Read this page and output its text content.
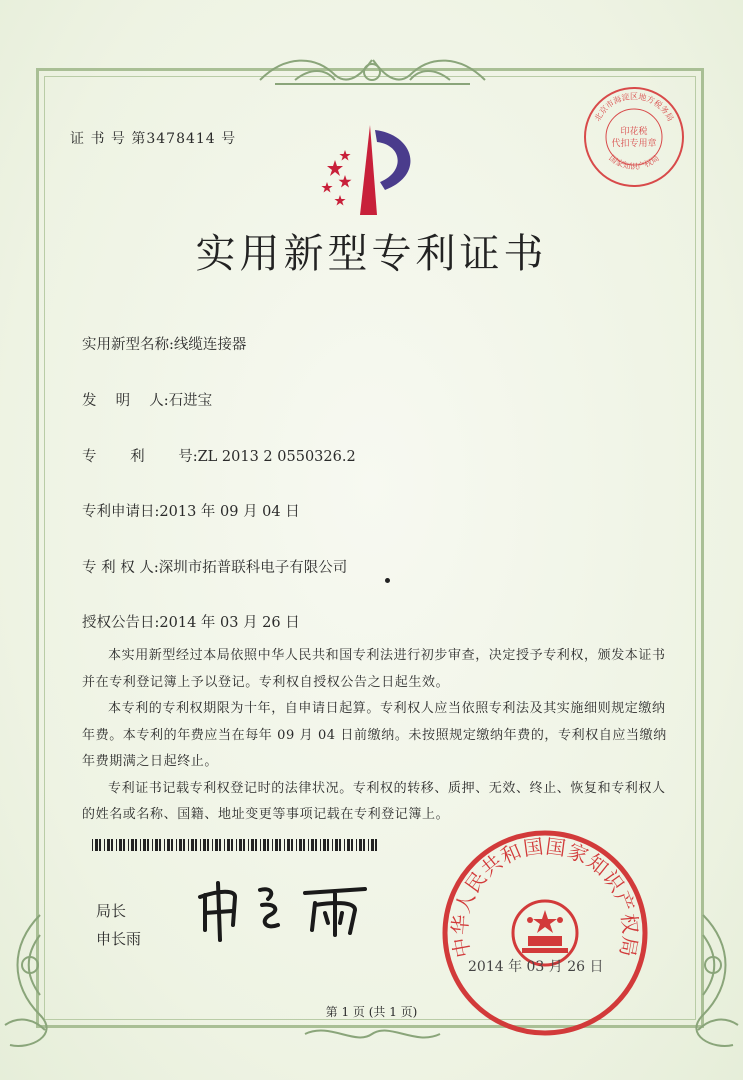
证 书 号 第3478414 号
实用新型专利证书
实用新型名称:线缆连接器
发　 明　 人:石进宝
专　　 利　　 号:ZL 2013 2 0550326.2
专利申请日:2013 年 09 月 04 日
专 利 权 人:深圳市拓普联科电子有限公司
授权公告日:2014 年 03 月 26 日

本实用新型经过本局依照中华人民共和国专利法进行初步审查，决定授予专利权，颁发本证书并在专利登记簿上予以登记。专利权自授权公告之日起生效。

本专利的专利权期限为十年，自申请日起算。专利权人应当依照专利法及其实施细则规定缴纳年费。本专利的年费应当在每年 09 月 04 日前缴纳。未按照规定缴纳年费的，专利权自应当缴纳年费期满之日起终止。

专利证书记载专利权登记时的法律状况。专利权的转移、质押、无效、终止、恢复和专利权人的姓名或名称、国籍、地址变更等事项记载在专利登记簿上。

局长
申长雨	中华人民共和国国家知识产权局
2014 年 03 月 26 日
北京市海淀区地方税务局
国家知识产权局
印花税
代扣专用章
第 1 页 (共 1 页)
